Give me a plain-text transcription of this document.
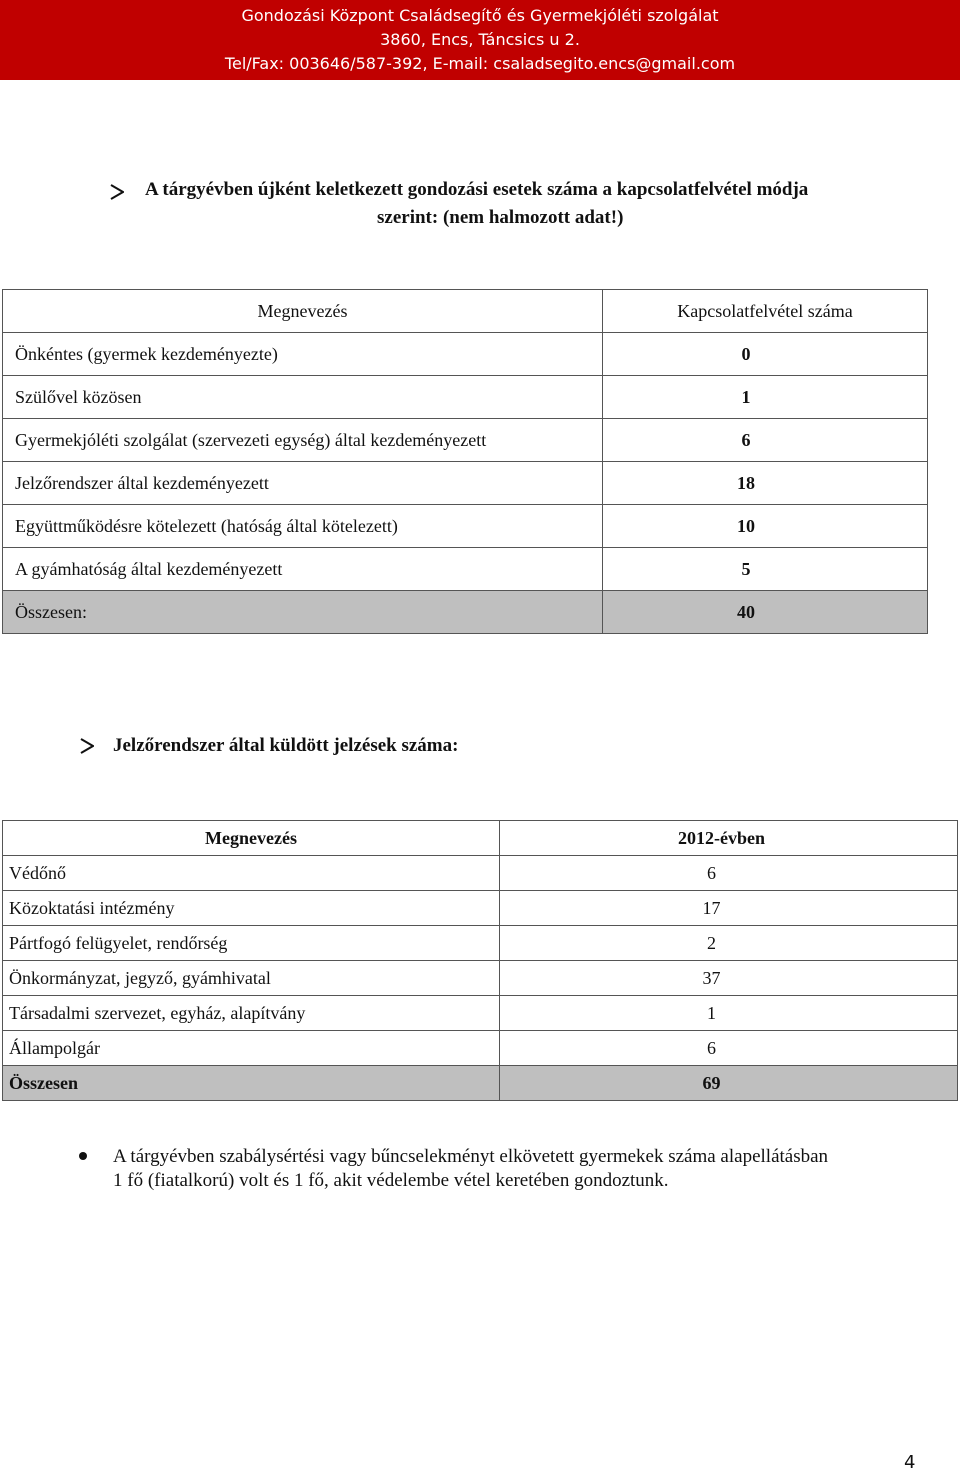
Gondozási Központ Családsegítő és Gyermekjóléti szolgálat
3860, Encs, Táncsics u 2.
Tel/Fax: 003646/587-392, E-mail: csaladsegito.encs@gmail.com
A tárgyévben újként keletkezett gondozási esetek száma a kapcsolatfelvétel módja
szerint: (nem halmozott adat!)
Megnevezés	Kapcsolatfelvétel száma
Önkéntes (gyermek kezdeményezte)	0
Szülővel közösen	1
Gyermekjóléti szolgálat (szervezeti egység) által kezdeményezett	6
Jelzőrendszer által kezdeményezett	18
Együttműködésre kötelezett (hatóság által kötelezett)	10
A gyámhatóság által kezdeményezett	5
Összesen:	40
Jelzőrendszer által küldött jelzések száma:
Megnevezés	2012-évben
Védőnő	6
Közoktatási intézmény	17
Pártfogó felügyelet, rendőrség	2
Önkormányzat, jegyző, gyámhivatal	37
Társadalmi szervezet, egyház, alapítvány	1
Állampolgár	6
Összesen	69
A tárgyévben szabálysértési vagy bűncselekményt elkövetett gyermekek száma alapellátásban
1 fő (fiatalkorú) volt és 1 fő, akit védelembe vétel keretében gondoztunk.
4
